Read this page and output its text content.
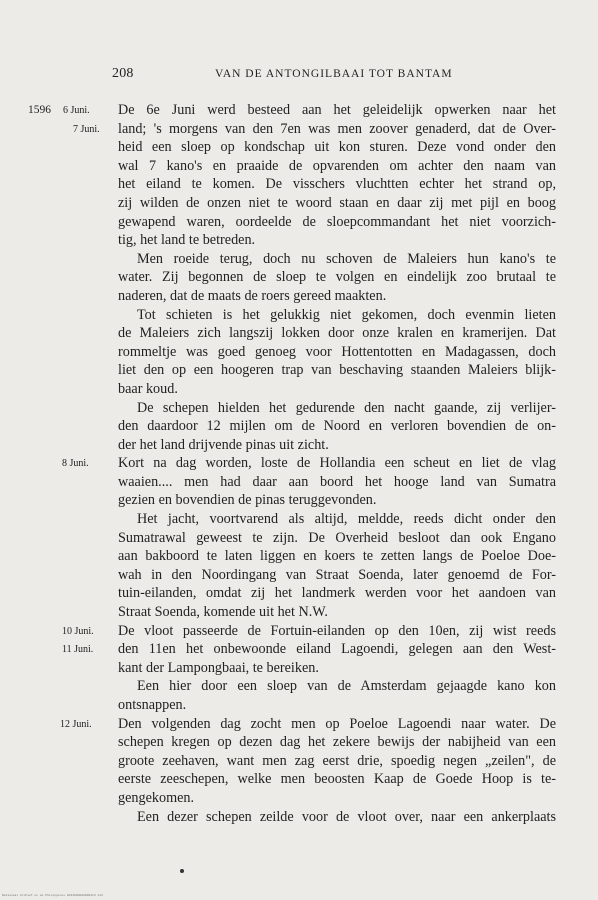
208	VAN DE ANTONGILBAAI TOT BANTAM
1596 6 Juni. De 6e Juni werd besteed aan het geleidelijk opwerken naar het
7 Juni. land; 's morgens van den 7en was men zoover genaderd, dat de Over-
heid een sloep op kondschap uit kon sturen. Deze vond onder den
wal 7 kano's en praaide de opvarenden om achter den naam van
het eiland te komen. De visschers vluchtten echter het strand op,
zij wilden de onzen niet te woord staan en daar zij met pijl en boog
gewapend waren, oordeelde de sloepcommandant het niet voorzich-
tig, het land te betreden.
Men roeide terug, doch nu schoven de Maleiers hun kano's te
water. Zij begonnen de sloep te volgen en eindelijk zoo brutaal te
naderen, dat de maats de roers gereed maakten.
Tot schieten is het gelukkig niet gekomen, doch evenmin lieten
de Maleiers zich langszij lokken door onze kralen en kramerijen. Dat
rommeltje was goed genoeg voor Hottentotten en Madagassen, doch
liet den op een hoogeren trap van beschaving staanden Maleiers blijk-
baar koud.
De schepen hielden het gedurende den nacht gaande, zij verlijer-
den daardoor 12 mijlen om de Noord en verloren bovendien de on-
der het land drijvende pinas uit zicht.
8 Juni. Kort na dag worden, loste de Hollandia een scheut en liet de vlag
waaien.... men had daar aan boord het hooge land van Sumatra
gezien en bovendien de pinas teruggevonden.
Het jacht, voortvarend als altijd, meldde, reeds dicht onder den
Sumatrawal geweest te zijn. De Overheid besloot dan ook Engano
aan bakboord te laten liggen en koers te zetten langs de Poeloe Doe-
wah in den Noordingang van Straat Soenda, later genoemd de For-
tuin-eilanden, omdat zij het landmerk werden voor het aandoen van
Straat Soenda, komende uit het N.W.
10 Juni. De vloot passeerde de Fortuin-eilanden op den 10en, zij wist reeds
11 Juni. den 11en het onbewoonde eiland Lagoendi, gelegen aan den West-
kant der Lampongbaai, te bereiken.
Een hier door een sloep van de Amsterdam gejaagde kano kon
ontsnappen.
12 Juni. Den volgenden dag zocht men op Poeloe Lagoendi naar water. De
schepen kregen op dezen dag het zekere bewijs der nabijheid van een
groote zeehaven, want men zag eerst drie, spoedig negen „zeilen", de
eerste zeeschepen, welke men beoosten Kaap de Goede Hoop is te-
gengekomen.
Een dezer schepen zeilde voor de vloot over, naar een ankerplaats
Nationaal Archief en de Philippines 0034000000000313 113
